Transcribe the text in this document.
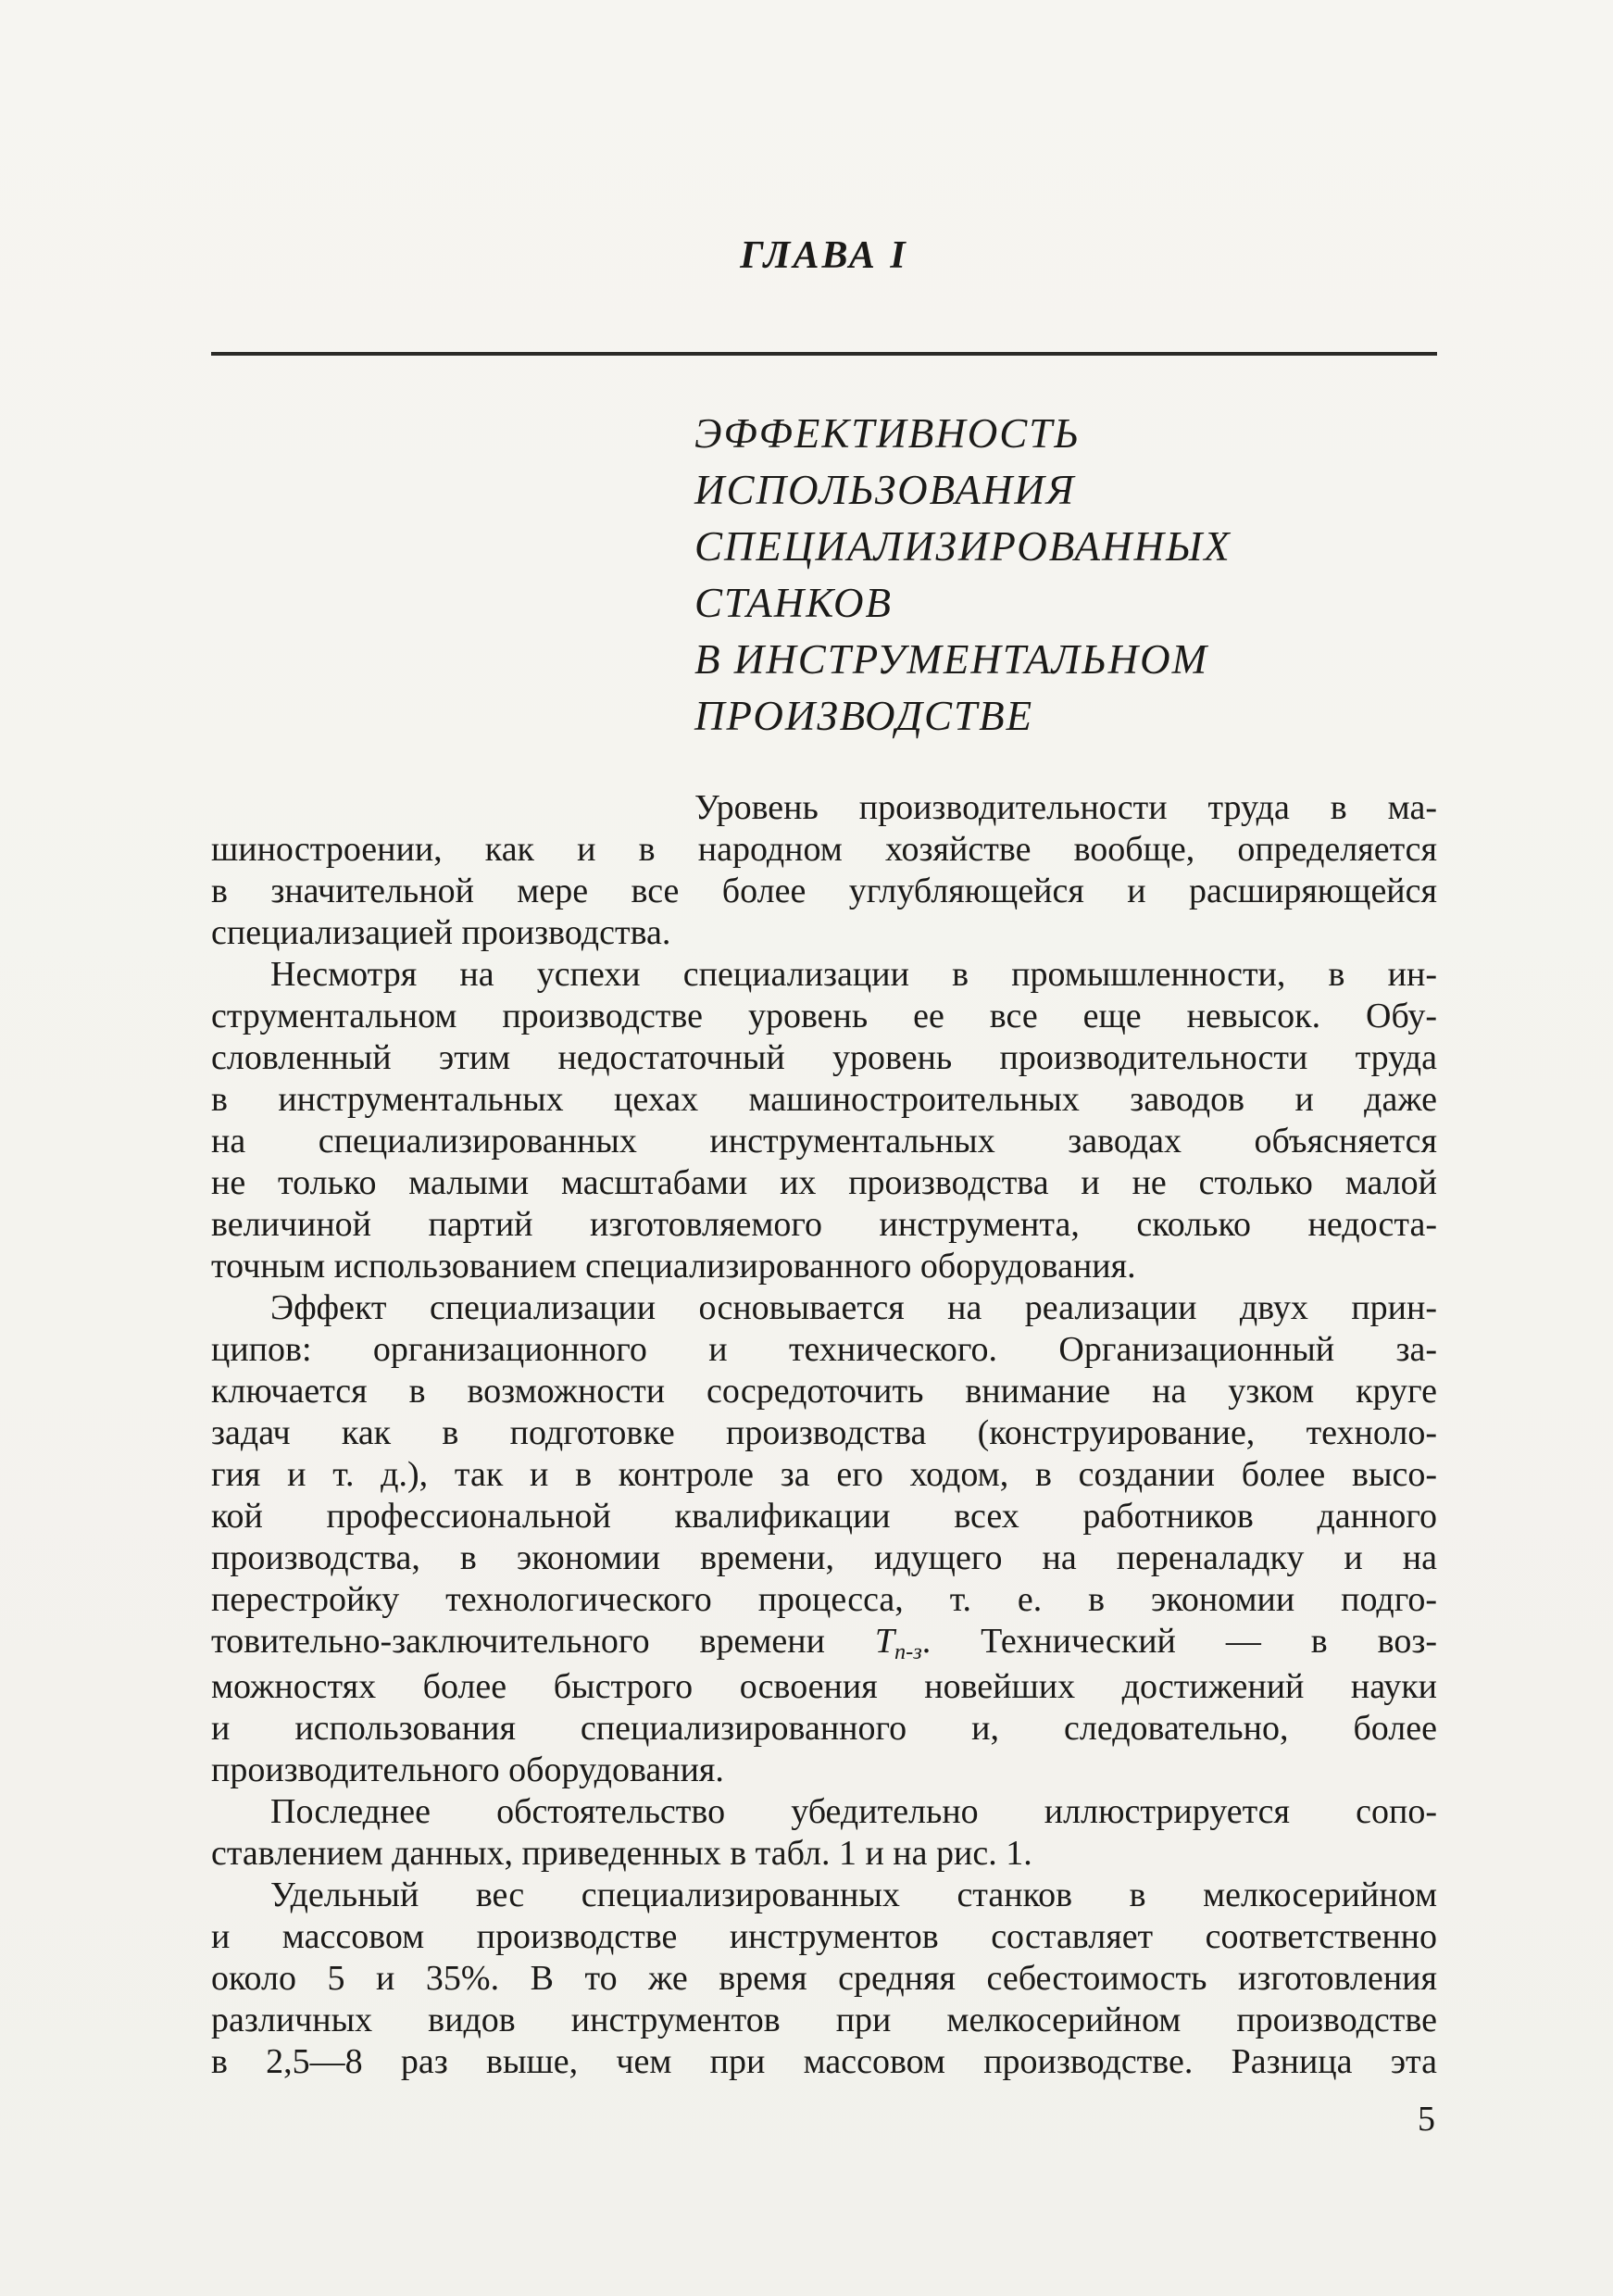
ГЛАВА I
ЭФФЕКТИВНОСТЬ
ИСПОЛЬЗОВАНИЯ
СПЕЦИАЛИЗИРОВАННЫХ
СТАНКОВ
В ИНСТРУМЕНТАЛЬНОМ
ПРОИЗВОДСТВЕ
Уровень производительности труда в ма-
шиностроении, как и в народном хозяйстве вообще, определяется
в значительной мере все более углубляющейся и расширяющейся
специализацией производства.
Несмотря на успехи специализации в промышленности, в ин-
струментальном производстве уровень ее все еще невысок. Обу-
словленный этим недостаточный уровень производительности труда
в инструментальных цехах машиностроительных заводов и даже
на специализированных инструментальных заводах объясняется
не только малыми масштабами их производства и не столько малой
величиной партий изготовляемого инструмента, сколько недоста-
точным использованием специализированного оборудования.
Эффект специализации основывается на реализации двух прин-
ципов: организационного и технического. Организационный за-
ключается в возможности сосредоточить внимание на узком круге
задач как в подготовке производства (конструирование, техноло-
гия и т. д.), так и в контроле за его ходом, в создании более высо-
кой профессиональной квалификации всех работников данного
производства, в экономии времени, идущего на переналадку и на
перестройку технологического процесса, т. е. в экономии подго-
товительно-заключительного времени Тп-з. Технический — в воз-
можностях более быстрого освоения новейших достижений науки
и использования специализированного и, следовательно, более
производительного оборудования.
Последнее обстоятельство убедительно иллюстрируется сопо-
ставлением данных, приведенных в табл. 1 и на рис. 1.
Удельный вес специализированных станков в мелкосерийном
и массовом производстве инструментов составляет соответственно
около 5 и 35%. В то же время средняя себестоимость изготовления
различных видов инструментов при мелкосерийном производстве
в 2,5—8 раз выше, чем при массовом производстве. Разница эта
5
